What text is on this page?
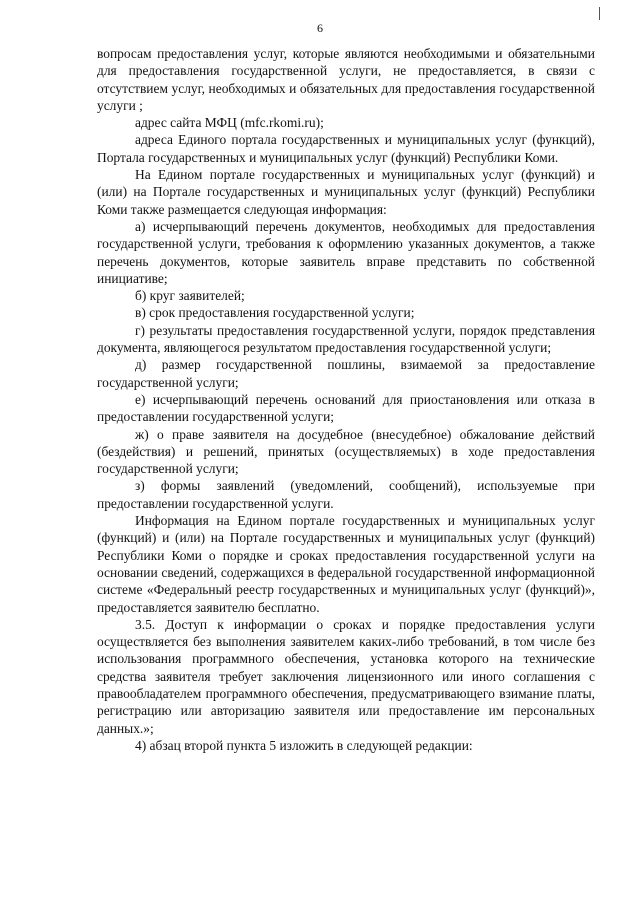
6

вопросам предоставления услуг, которые являются необходимыми и обязательными для предоставления государственной услуги, не предоставляется, в связи с отсутствием услуг, необходимых и обязательных для предоставления государственной услуги ;

адрес сайта МФЦ (mfc.rkomi.ru);

адреса Единого портала государственных и муниципальных услуг (функций), Портала государственных и муниципальных услуг (функций) Республики Коми.

На Едином портале государственных и муниципальных услуг (функций) и (или) на Портале государственных и муниципальных услуг (функций) Республики Коми также размещается следующая информация:

а) исчерпывающий перечень документов, необходимых для предоставления государственной услуги, требования к оформлению указанных документов, а также перечень документов, которые заявитель вправе представить по собственной инициативе;

б) круг заявителей;

в) срок предоставления государственной услуги;

г) результаты предоставления государственной услуги, порядок представления документа, являющегося результатом предоставления государственной услуги;

д) размер государственной пошлины, взимаемой за предоставление государственной услуги;

е) исчерпывающий перечень оснований для приостановления или отказа в предоставлении государственной услуги;

ж) о праве заявителя на досудебное (внесудебное) обжалование действий (бездействия) и решений, принятых (осуществляемых) в ходе предоставления государственной услуги;

з) формы заявлений (уведомлений, сообщений), используемые при предоставлении государственной услуги.

Информация на Едином портале государственных и муниципальных услуг (функций) и (или) на Портале государственных и муниципальных услуг (функций) Республики Коми о порядке и сроках предоставления государственной услуги на основании сведений, содержащихся в федеральной государственной информационной системе «Федеральный реестр государственных и муниципальных услуг (функций)», предоставляется заявителю бесплатно.

3.5. Доступ к информации о сроках и порядке предоставления услуги осуществляется без выполнения заявителем каких-либо требований, в том числе без использования программного обеспечения, установка которого на технические средства заявителя требует заключения лицензионного или иного соглашения с правообладателем программного обеспечения, предусматривающего взимание платы, регистрацию или авторизацию заявителя или предоставление им персональных данных.»;

4) абзац второй пункта 5 изложить в следующей редакции:
